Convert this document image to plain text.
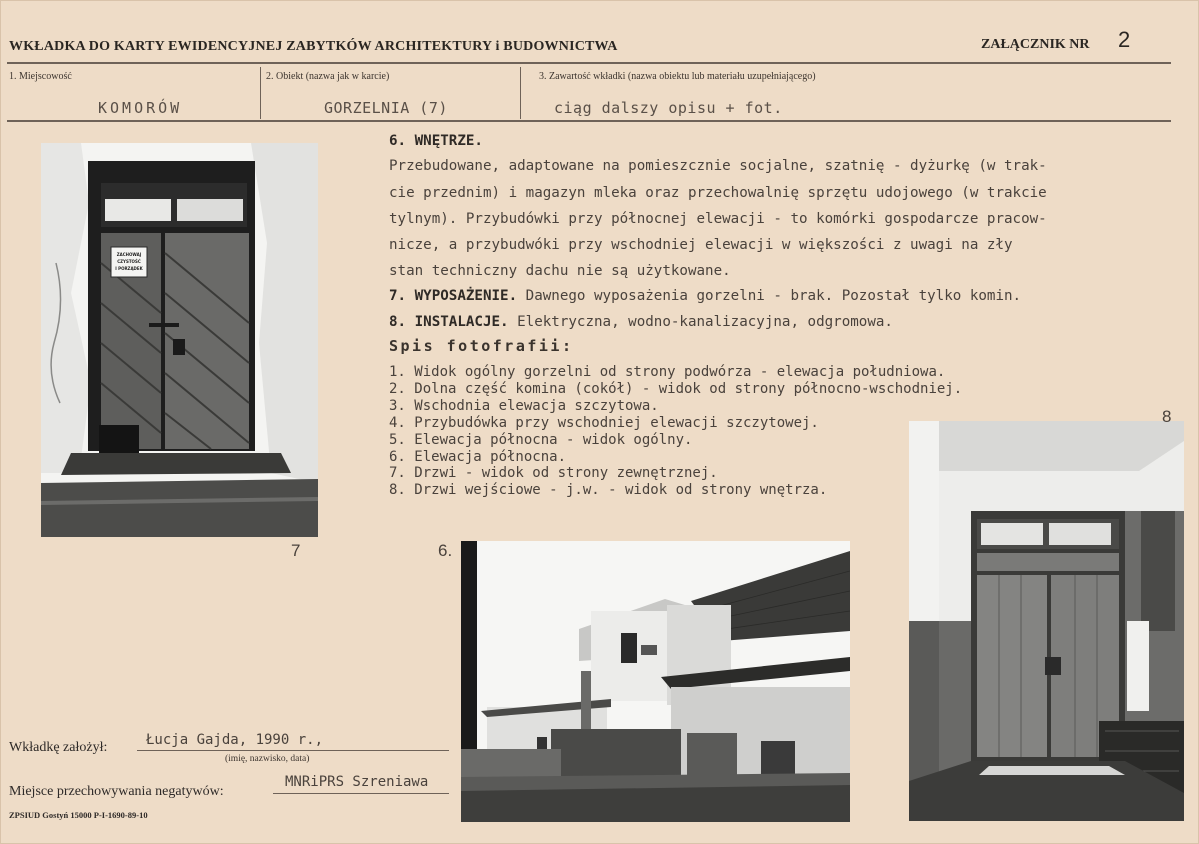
WKŁADKA DO KARTY EWIDENCYJNEJ ZABYTKÓW ARCHITEKTURY i BUDOWNICTWA	ZAŁĄCZNIK NR 2
1. Miejscowość
KOMORÓW
2. Obiekt (nazwa jak w karcie)
GORZELNIA (7)
3. Zawartość wkładki (nazwa obiektu lub materiału uzupełniającego)
ciąg dalszy opisu + fot.
6. WNĘTRZE.
Przebudowane, adaptowane na pomieszcznie socjalne, szatnię - dyżurkę (w trak-
cie przednim) i magazyn mleka oraz przechowalnię sprzętu udojowego (w trakcie
tylnym). Przybudówki przy północnej elewacji - to komórki gospodarcze pracow-
nicze, a przybudwóki przy wschodniej elewacji w większości z uwagi na zły
stan techniczny dachu nie są użytkowane.
7. WYPOSAŻENIE. Dawnego wyposażenia gorzelni - brak. Pozostał tylko komin.
8. INSTALACJE. Elektryczna, wodno-kanalizacyjna, odgromowa.
Spis fotofrafii:
1. Widok ogólny gorzelni od strony podwórza - elewacja południowa.
2. Dolna część komina (cokół) - widok od strony północno-wschodniej.
3. Wschodnia elewacja szczytowa.
4. Przybudówka przy wschodniej elewacji szczytowej.
5. Elewacja północna - widok ogólny.
6. Elewacja północna.
7. Drzwi - widok od strony zewnętrznej.
8. Drzwi wejściowe - j.w. - widok od strony wnętrza.
ZACHOWAJ
CZYSTOŚĆ
I PORZĄDEK
7	6.
8
Wkładkę założył:	Łucja Gajda, 1990 r.,
(imię, nazwisko, data)
Miejsce przechowywania negatywów:
MNRiPRS Szreniawa
ZPSIUD Gostyń 15000 P-I-1690-89-10
